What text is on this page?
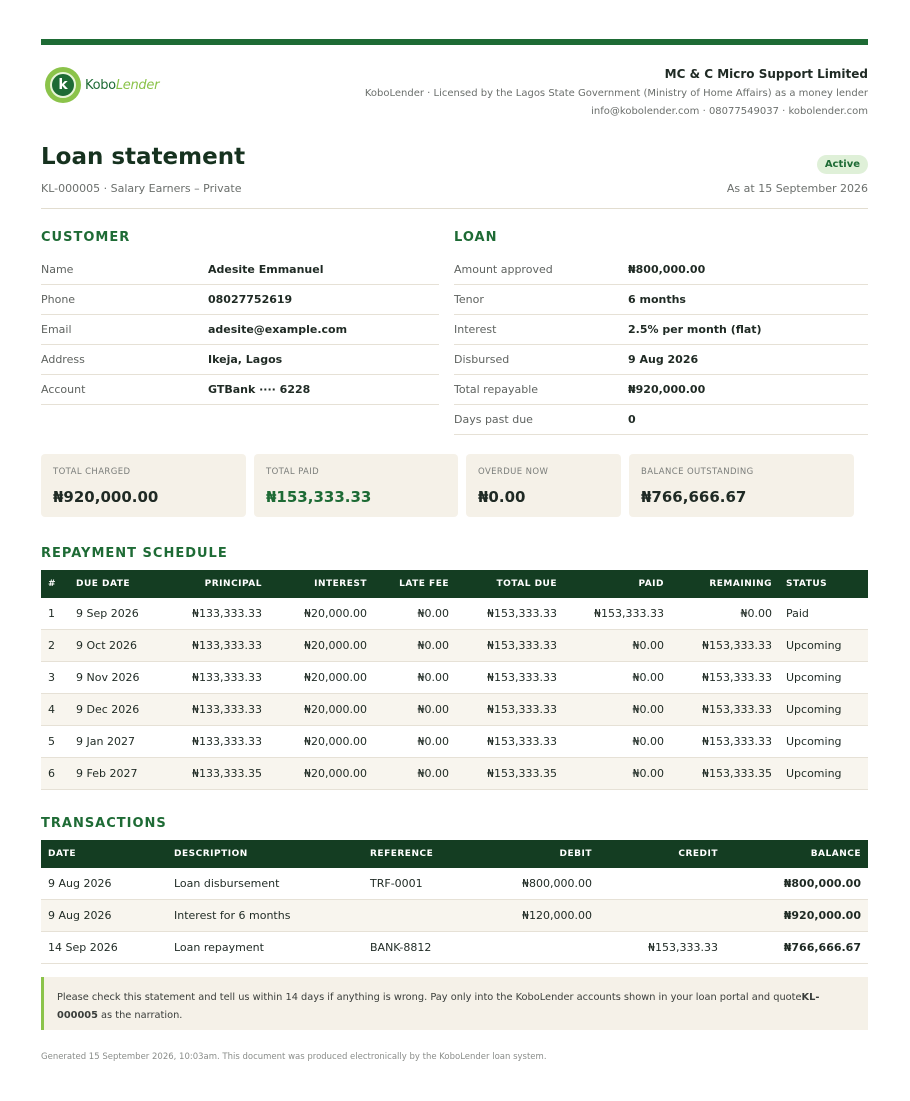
k	KoboLender
MC & C Micro Support Limited
KoboLender · Licensed by the Lagos State Government (Ministry of Home Affairs) as a money lender
info@kobolender.com · 08077549037 · kobolender.com
Loan statement
KL-000005 · Salary Earners – Private
Active
As at 15 September 2026
CUSTOMER
Name	Adesite Emmanuel
Phone	08027752619
Email	adesite@example.com
Address	Ikeja, Lagos
Account	GTBank ···· 6228
LOAN
Amount approved	₦800,000.00
Tenor	6 months
Interest	2.5% per month (flat)
Disbursed	9 Aug 2026
Total repayable	₦920,000.00
Days past due	0
TOTAL CHARGED
₦920,000.00
TOTAL PAID
₦153,333.33
OVERDUE NOW
₦0.00
BALANCE OUTSTANDING
₦766,666.67
REPAYMENT SCHEDULE
#	DUE DATE	PRINCIPAL	INTEREST	LATE FEE	TOTAL DUE	PAID	REMAINING	STATUS
1	9 Sep 2026	₦133,333.33	₦20,000.00	₦0.00	₦153,333.33	₦153,333.33	₦0.00	Paid
2	9 Oct 2026	₦133,333.33	₦20,000.00	₦0.00	₦153,333.33	₦0.00	₦153,333.33	Upcoming
3	9 Nov 2026	₦133,333.33	₦20,000.00	₦0.00	₦153,333.33	₦0.00	₦153,333.33	Upcoming
4	9 Dec 2026	₦133,333.33	₦20,000.00	₦0.00	₦153,333.33	₦0.00	₦153,333.33	Upcoming
5	9 Jan 2027	₦133,333.33	₦20,000.00	₦0.00	₦153,333.33	₦0.00	₦153,333.33	Upcoming
6	9 Feb 2027	₦133,333.35	₦20,000.00	₦0.00	₦153,333.35	₦0.00	₦153,333.35	Upcoming
TRANSACTIONS
DATE	DESCRIPTION	REFERENCE	DEBIT	CREDIT	BALANCE
9 Aug 2026	Loan disbursement	TRF-0001	₦800,000.00		₦800,000.00
9 Aug 2026	Interest for 6 months		₦120,000.00		₦920,000.00
14 Sep 2026	Loan repayment	BANK-8812		₦153,333.33	₦766,666.67
Please check this statement and tell us within 14 days if anything is wrong. Pay only into the KoboLender accounts shown in your loan portal and quoteKL-000005 as the narration.
Generated 15 September 2026, 10:03am. This document was produced electronically by the KoboLender loan system.
